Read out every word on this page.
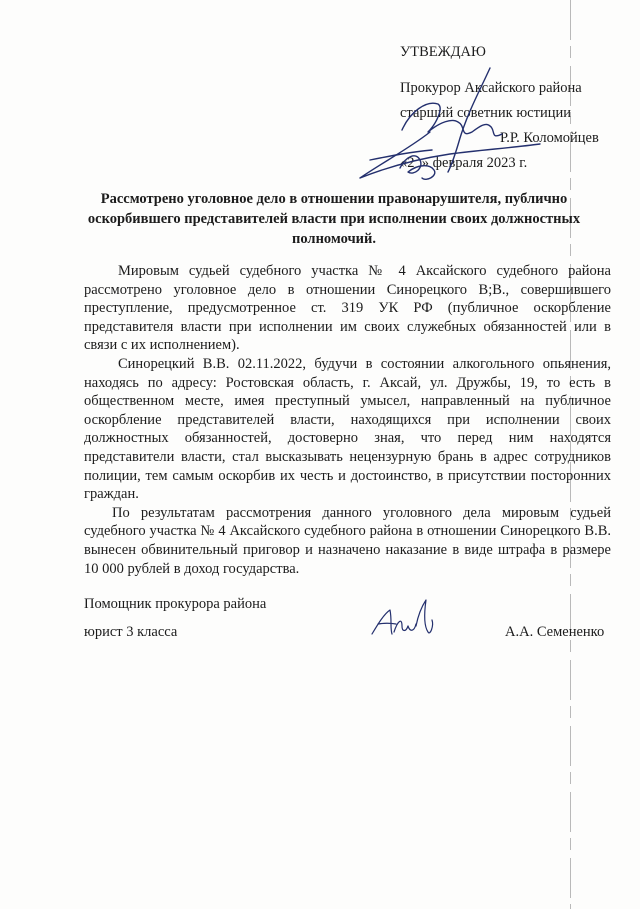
УТВЕЖДАЮ
Прокурор Аксайского района
старший советник юстиции
Р.Р. Коломойцев
«2  » февраля 2023 г.
Рассмотрено уголовное дело в отношении правонарушителя, публично оскорбившего представителей власти при исполнении своих должностных полномочий.

Мировым судьей судебного участка № 4 Аксайского судебного района рассмотрено уголовное дело в отношении Синорецкого В;В., совершившего преступление, предусмотренное ст. 319 УК РФ (публичное оскорбление представителя власти при исполнении им своих служебных обязанностей или в связи с их исполнением).

Синорецкий В.В. 02.11.2022, будучи в состоянии алкогольного опьянения, находясь по адресу: Ростовская область, г. Аксай, ул. Дружбы, 19, то есть в общественном месте, имея преступный умысел, направленный на публичное оскорбление представителей власти, находящихся при исполнении своих должностных обязанностей, достоверно зная, что перед ним находятся представители власти, стал высказывать нецензурную брань в адрес сотрудников полиции, тем самым оскорбив их честь и достоинство, в присутствии посторонних граждан.

По результатам рассмотрения данного уголовного дела мировым судьей судебного участка № 4 Аксайского судебного района в отношении Синорецкого В.В. вынесен обвинительный приговор и назначено наказание в виде штрафа в размере 10 000 рублей в доход государства.

Помощник прокурора района
юрист 3 класса	А.А. Семененко
